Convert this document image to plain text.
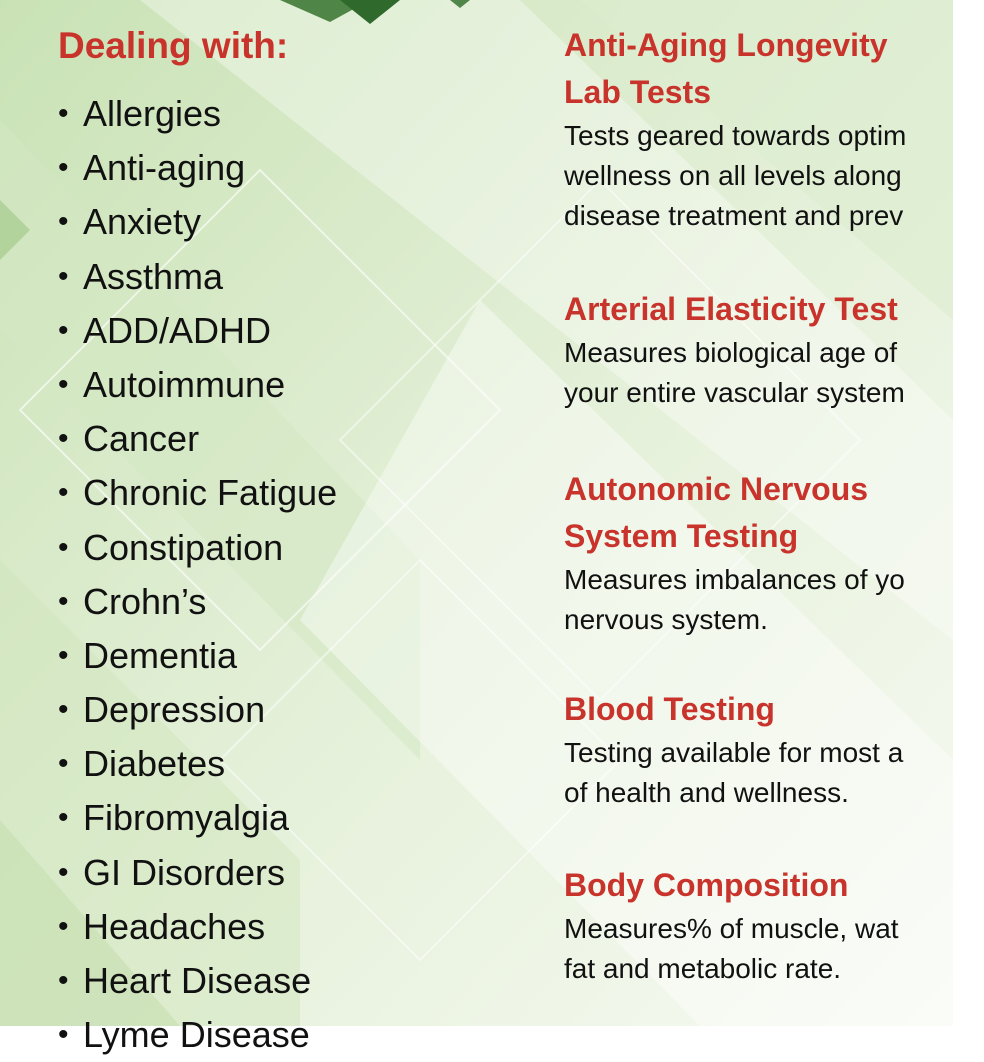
Dealing with:
• Allergies
• Anti-aging
• Anxiety
• Assthma
• ADD/ADHD
• Autoimmune
• Cancer
• Chronic Fatigue
• Constipation
• Crohn’s
• Dementia
• Depression
• Diabetes
• Fibromyalgia
• GI Disorders
• Headaches
• Heart Disease
• Lyme Disease
Anti-Aging Longevity
Lab Tests
Tests geared towards optim
wellness on all levels along
disease treatment and prev
Arterial Elasticity Test
Measures biological age of
your entire vascular system
Autonomic Nervous
System Testing
Measures imbalances of yo
nervous system.
Blood Testing
Testing available for most a
of health and wellness.
Body Composition
Measures% of muscle, wat
fat and metabolic rate.
